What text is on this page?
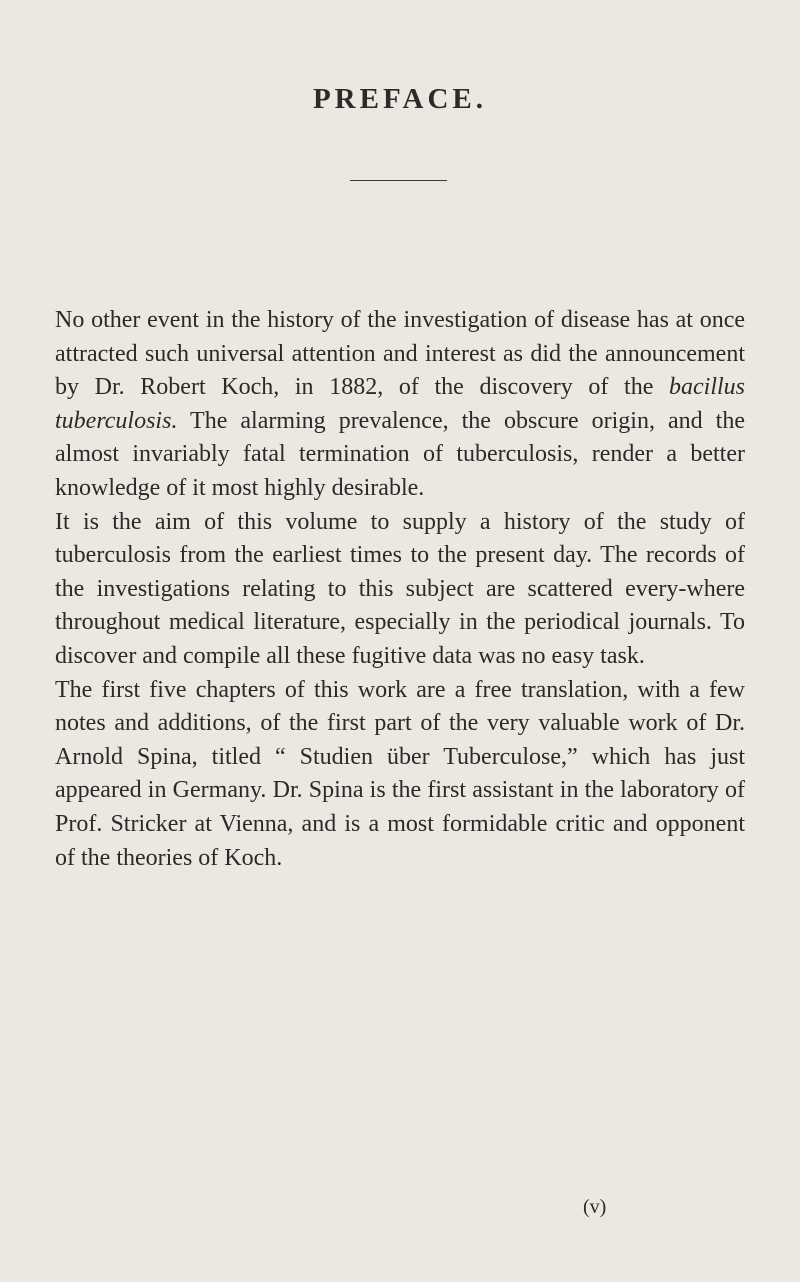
PREFACE.

No other event in the history of the investigation of disease has at once attracted such universal attention and interest as did the announcement by Dr. Robert Koch, in 1882, of the discovery of the bacillus tuberculosis. The alarming prevalence, the obscure origin, and the almost invariably fatal termination of tuberculosis, render a better knowledge of it most highly desirable.

It is the aim of this volume to supply a history of the study of tuberculosis from the earliest times to the present day. The records of the investigations relating to this subject are scattered every-where throughout medical literature, especially in the periodical journals. To discover and compile all these fugitive data was no easy task.

The first five chapters of this work are a free translation, with a few notes and additions, of the first part of the very valuable work of Dr. Arnold Spina, titled “ Studien über Tuberculose,” which has just appeared in Germany. Dr. Spina is the first assistant in the laboratory of Prof. Stricker at Vienna, and is a most formidable critic and opponent of the theories of Koch.

(v)
